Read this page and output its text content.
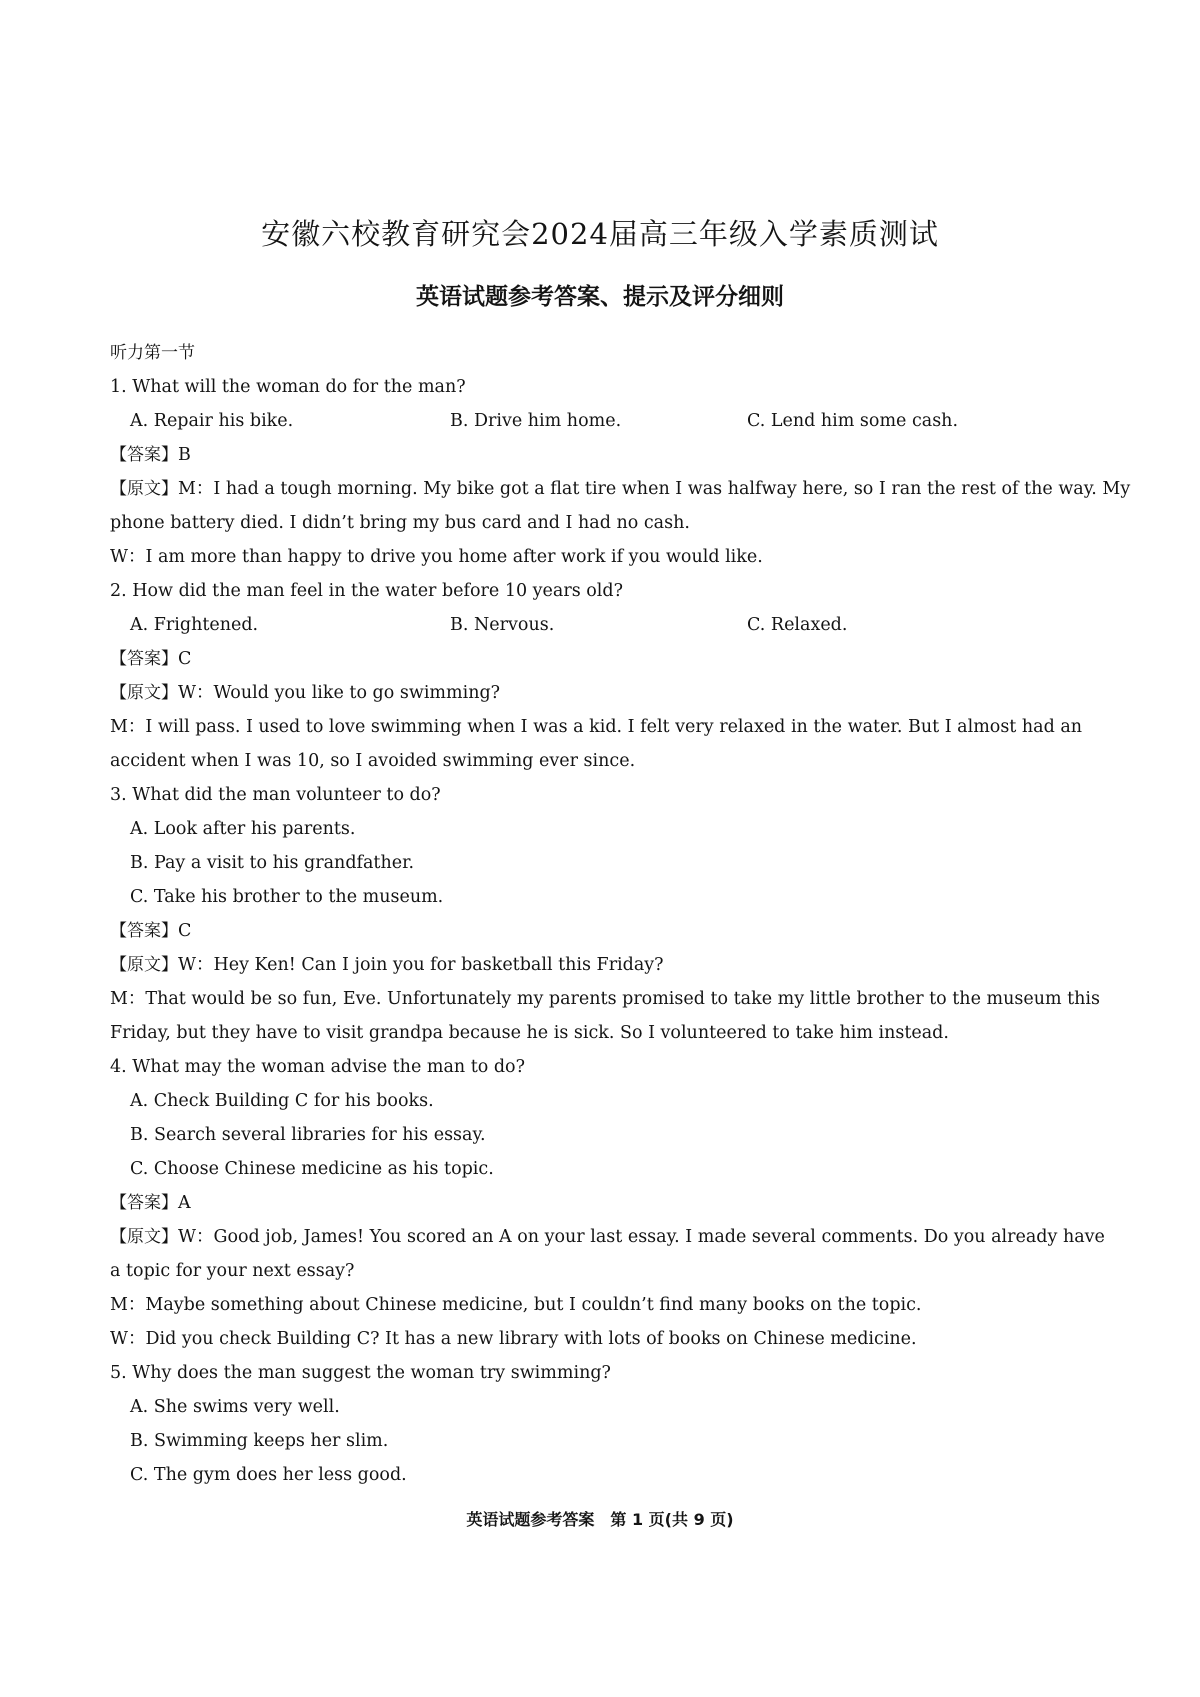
安徽六校教育研究会2024届高三年级入学素质测试
英语试题参考答案、提示及评分细则
听力第一节
1. What will the woman do for the man?
A. Repair his bike.	B. Drive him home.	C. Lend him some cash.
【答案】B
【原文】M：I had a tough morning. My bike got a flat tire when I was halfway here, so I ran the rest of the way. My
phone battery died. I didn’t bring my bus card and I had no cash.
W：I am more than happy to drive you home after work if you would like.
2. How did the man feel in the water before 10 years old?
A. Frightened.	B. Nervous.	C. Relaxed.
【答案】C
【原文】W：Would you like to go swimming?
M：I will pass. I used to love swimming when I was a kid. I felt very relaxed in the water. But I almost had an
accident when I was 10, so I avoided swimming ever since.
3. What did the man volunteer to do?
A. Look after his parents.
B. Pay a visit to his grandfather.
C. Take his brother to the museum.
【答案】C
【原文】W：Hey Ken! Can I join you for basketball this Friday?
M：That would be so fun, Eve. Unfortunately my parents promised to take my little brother to the museum this
Friday, but they have to visit grandpa because he is sick. So I volunteered to take him instead.
4. What may the woman advise the man to do?
A. Check Building C for his books.
B. Search several libraries for his essay.
C. Choose Chinese medicine as his topic.
【答案】A
【原文】W：Good job, James! You scored an A on your last essay. I made several comments. Do you already have
a topic for your next essay?
M：Maybe something about Chinese medicine, but I couldn’t find many books on the topic.
W：Did you check Building C? It has a new library with lots of books on Chinese medicine.
5. Why does the man suggest the woman try swimming?
A. She swims very well.
B. Swimming keeps her slim.
C. The gym does her less good.
英语试题参考答案　第 1 页(共 9 页)
